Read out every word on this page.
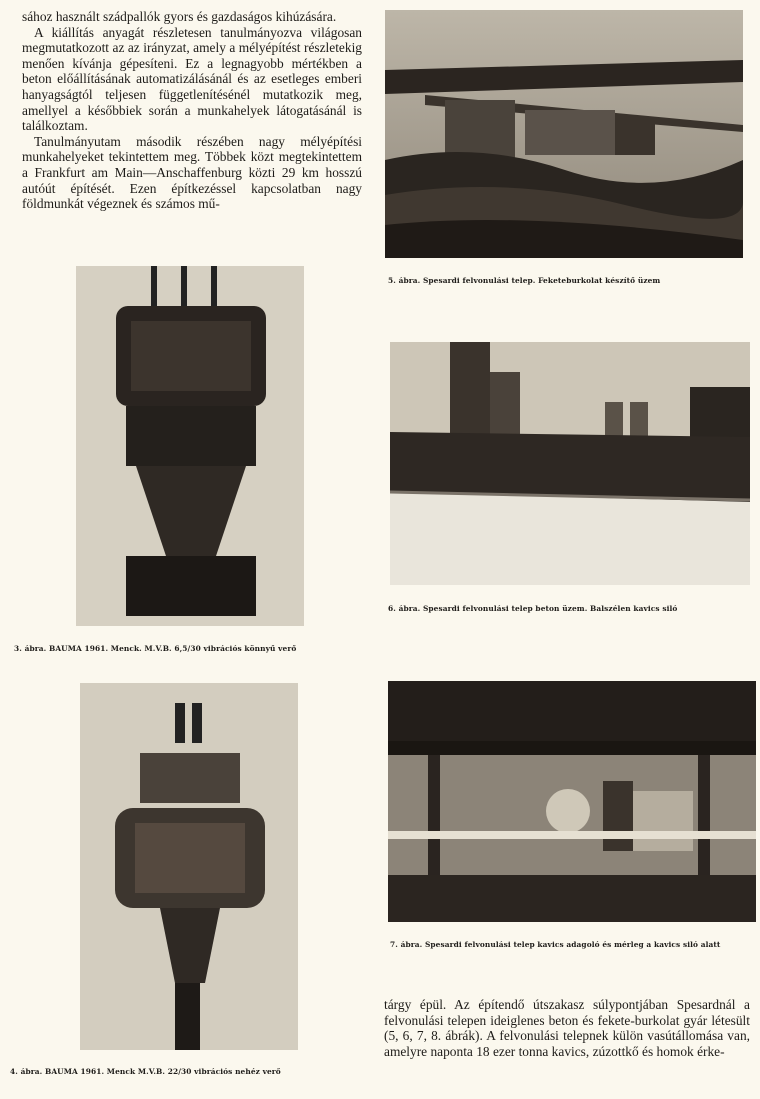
sához használt szádpallók gyors és gazdaságos kihúzására.

A kiállítás anyagát részletesen tanulmányozva világosan megmutatkozott az az irányzat, amely a mélyépítést részletekig menően kívánja gépesíteni. Ez a legnagyobb mértékben a beton előállításának automatizálásánál és az esetleges emberi hanyagságtól teljesen függetlenítésénél mutatkozik meg, amellyel a későbbiek során a munkahelyek látogatásánál is találkoztam.

Tanulmányutam második részében nagy mélyépítési munkahelyeket tekintettem meg. Többek közt megtekintettem a Frankfurt am Main—Anschaffenburg közti 29 km hosszú autóút építését. Ezen építkezéssel kapcsolatban nagy földmunkát végeznek és számos mű-

5. ábra. Spesardi felvonulási telep. Feketeburkolat készítő üzem
3. ábra. BAUMA 1961. Menck. M.V.B. 6,5/30 vibrációs könnyű verő
6. ábra. Spesardi felvonulási telep beton üzem. Balszélen kavics siló
4. ábra. BAUMA 1961. Menck M.V.B. 22/30 vibrációs nehéz verő
7. ábra. Spesardi felvonulási telep kavics adagoló és mérleg a kavics siló alatt

tárgy épül. Az építendő útszakasz súlypontjában Spesardnál a felvonulási telepen ideiglenes beton és fekete-burkolat gyár létesült (5, 6, 7, 8. ábrák). A felvonulási telepnek külön vasútállomása van, amelyre naponta 18 ezer tonna kavics, zúzottkő és homok érke-
